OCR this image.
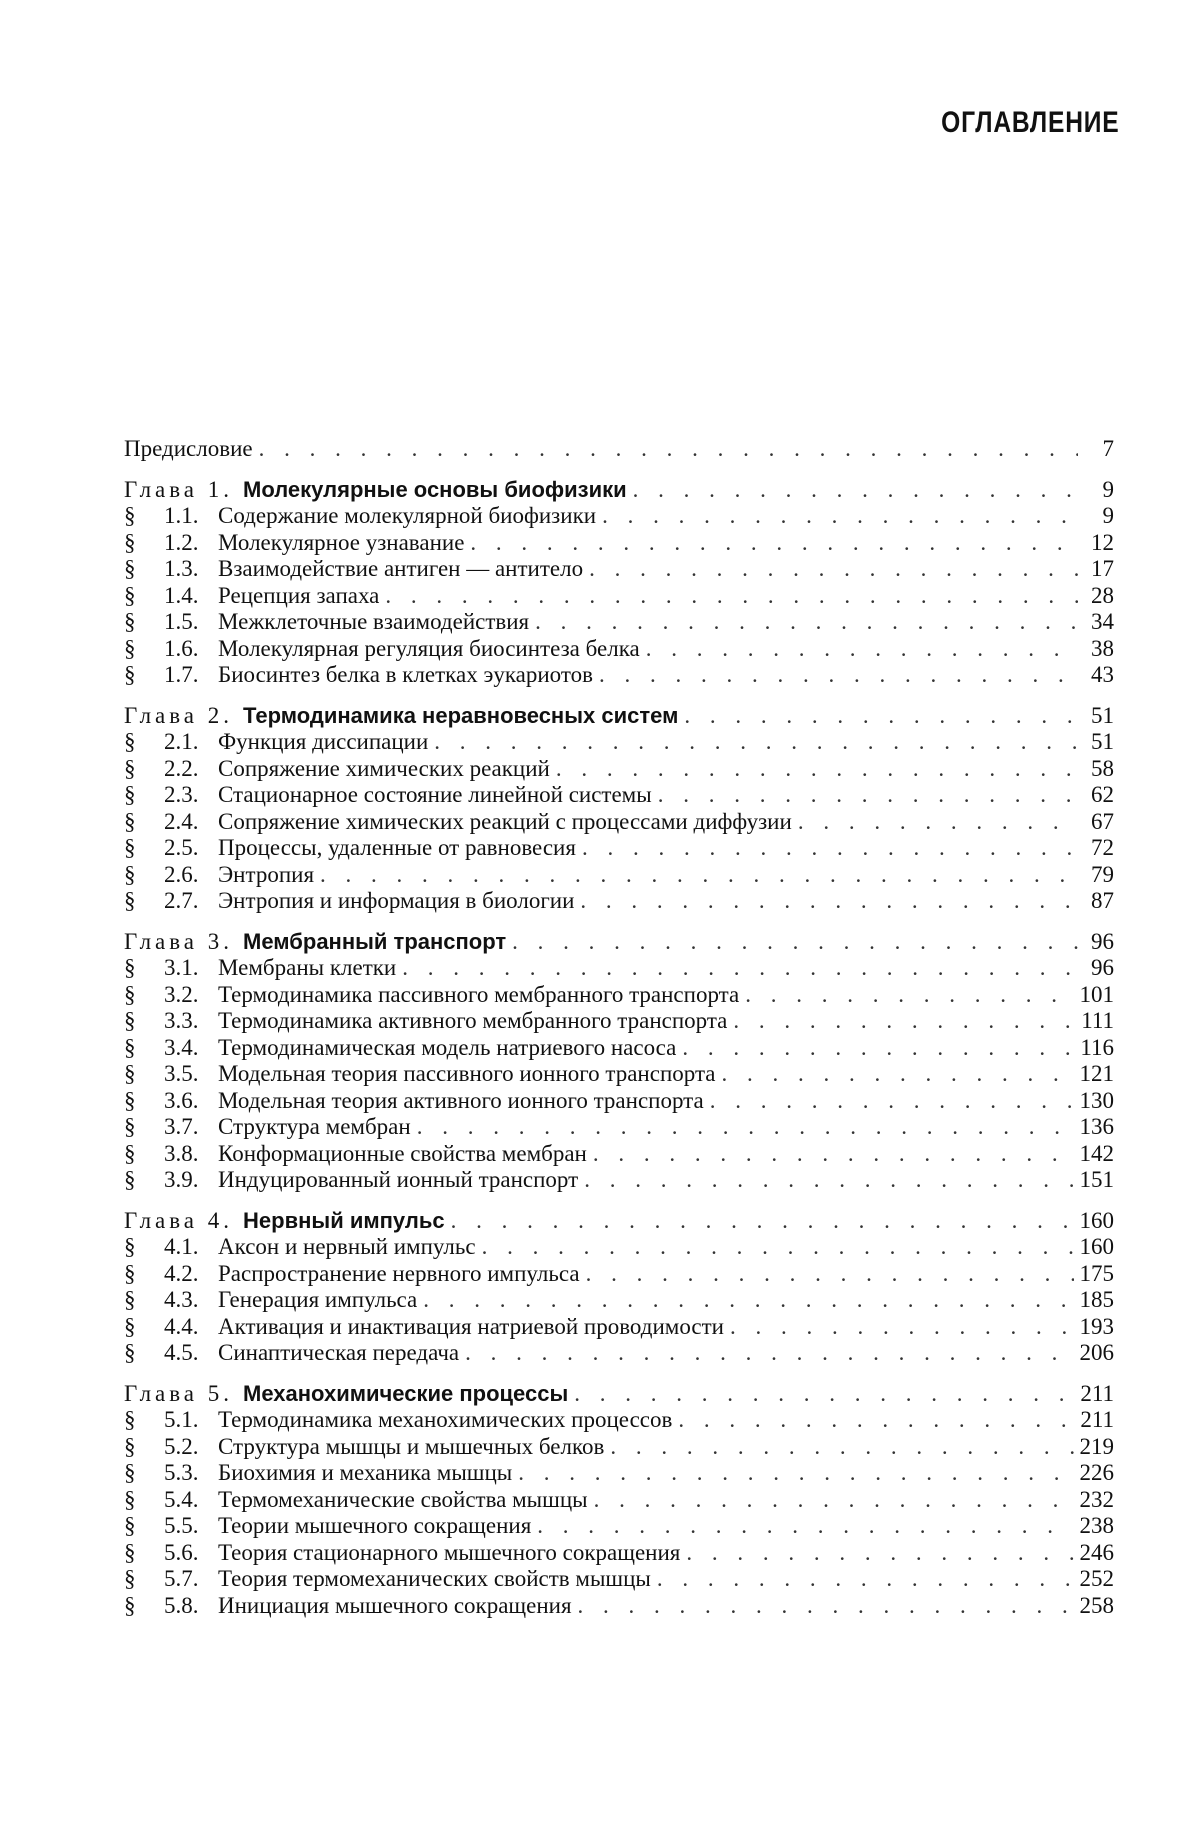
ОГЛАВЛЕНИЕ
Предисловие . . .	7
Глава 1. Молекулярные основы биофизики . . .	9
§	1.1. Содержание молекулярной биофизики . . .	9
§	1.2. Молекулярное узнавание . . .	12
§	1.3. Взаимодействие антиген — антитело . . .	17
§	1.4. Рецепция запаха . . .	28
§	1.5. Межклеточные взаимодействия . . .	34
§	1.6. Молекулярная регуляция биосинтеза белка . . .	38
§	1.7. Биосинтез белка в клетках эукариотов . . .	43
Глава 2. Термодинамика неравновесных систем . . .	51
§	2.1. Функция диссипации . . .	51
§	2.2. Сопряжение химических реакций . . .	58
§	2.3. Стационарное состояние линейной системы . . .	62
§	2.4. Сопряжение химических реакций с процессами диффузии . . .	67
§	2.5. Процессы, удаленные от равновесия . . .	72
§	2.6. Энтропия . . .	79
§	2.7. Энтропия и информация в биологии . . .	87
Глава 3. Мембранный транспорт . . .	96
§	3.1. Мембраны клетки . . .	96
§	3.2. Термодинамика пассивного мембранного транспорта . . .	101
§	3.3. Термодинамика активного мембранного транспорта . . .	111
§	3.4. Термодинамическая модель натриевого насоса . . .	116
§	3.5. Модельная теория пассивного ионного транспорта . . .	121
§	3.6. Модельная теория активного ионного транспорта . . .	130
§	3.7. Структура мембран . . .	136
§	3.8. Конформационные свойства мембран . . .	142
§	3.9. Индуцированный ионный транспорт . . .	151
Глава 4. Нервный импульс . . .	160
§	4.1. Аксон и нервный импульс . . .	160
§	4.2. Распространение нервного импульса . . .	175
§	4.3. Генерация импульса . . .	185
§	4.4. Активация и инактивация натриевой проводимости . . .	193
§	4.5. Синаптическая передача . . .	206
Глава 5. Механохимические процессы . . .	211
§	5.1. Термодинамика механохимических процессов . . .	211
§	5.2. Структура мышцы и мышечных белков . . .	219
§	5.3. Биохимия и механика мышцы . . .	226
§	5.4. Термомеханические свойства мышцы . . .	232
§	5.5. Теории мышечного сокращения . . .	238
§	5.6. Теория стационарного мышечного сокращения . . .	246
§	5.7. Теория термомеханических свойств мышцы . . .	252
§	5.8. Инициация мышечного сокращения . . .	258
